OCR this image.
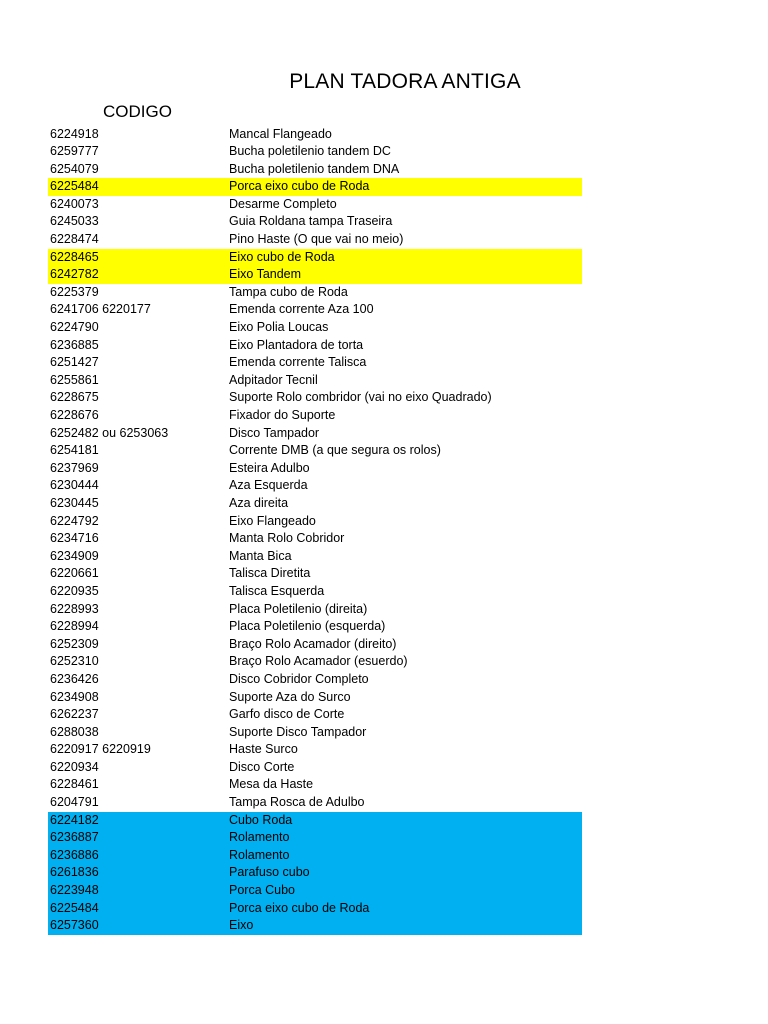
PLAN TADORA ANTIGA
CODIGO
6224918	Mancal Flangeado
6259777	Bucha poletilenio tandem DC
6254079	Bucha poletilenio tandem DNA
6225484	Porca eixo cubo de Roda
6240073	Desarme Completo
6245033	Guia Roldana tampa Traseira
6228474	Pino Haste (O que vai no meio)
6228465	Eixo cubo de Roda
6242782	Eixo Tandem
6225379	Tampa cubo de Roda
6241706 6220177	Emenda corrente Aza 100
6224790	Eixo Polia Loucas
6236885	Eixo Plantadora de torta
6251427	Emenda corrente Talisca
6255861	Adpitador Tecnil
6228675	Suporte Rolo combridor (vai no eixo Quadrado)
6228676	Fixador do Suporte
6252482 ou 6253063	Disco Tampador
6254181	Corrente DMB (a que segura os rolos)
6237969	Esteira Adulbo
6230444	Aza Esquerda
6230445	Aza direita
6224792	Eixo Flangeado
6234716	Manta Rolo Cobridor
6234909	Manta Bica
6220661	Talisca Diretita
6220935	Talisca Esquerda
6228993	Placa Poletilenio (direita)
6228994	Placa Poletilenio (esquerda)
6252309	Braço Rolo Acamador (direito)
6252310	Braço Rolo Acamador (esuerdo)
6236426	Disco Cobridor Completo
6234908	Suporte Aza do Surco
6262237	Garfo disco de Corte
6288038	Suporte Disco Tampador
6220917 6220919	Haste Surco
6220934	Disco Corte
6228461	Mesa da Haste
6204791	Tampa Rosca de Adulbo
6224182	Cubo Roda
6236887	Rolamento
6236886	Rolamento
6261836	Parafuso cubo
6223948	Porca Cubo
6225484	Porca eixo cubo de Roda
6257360	Eixo
